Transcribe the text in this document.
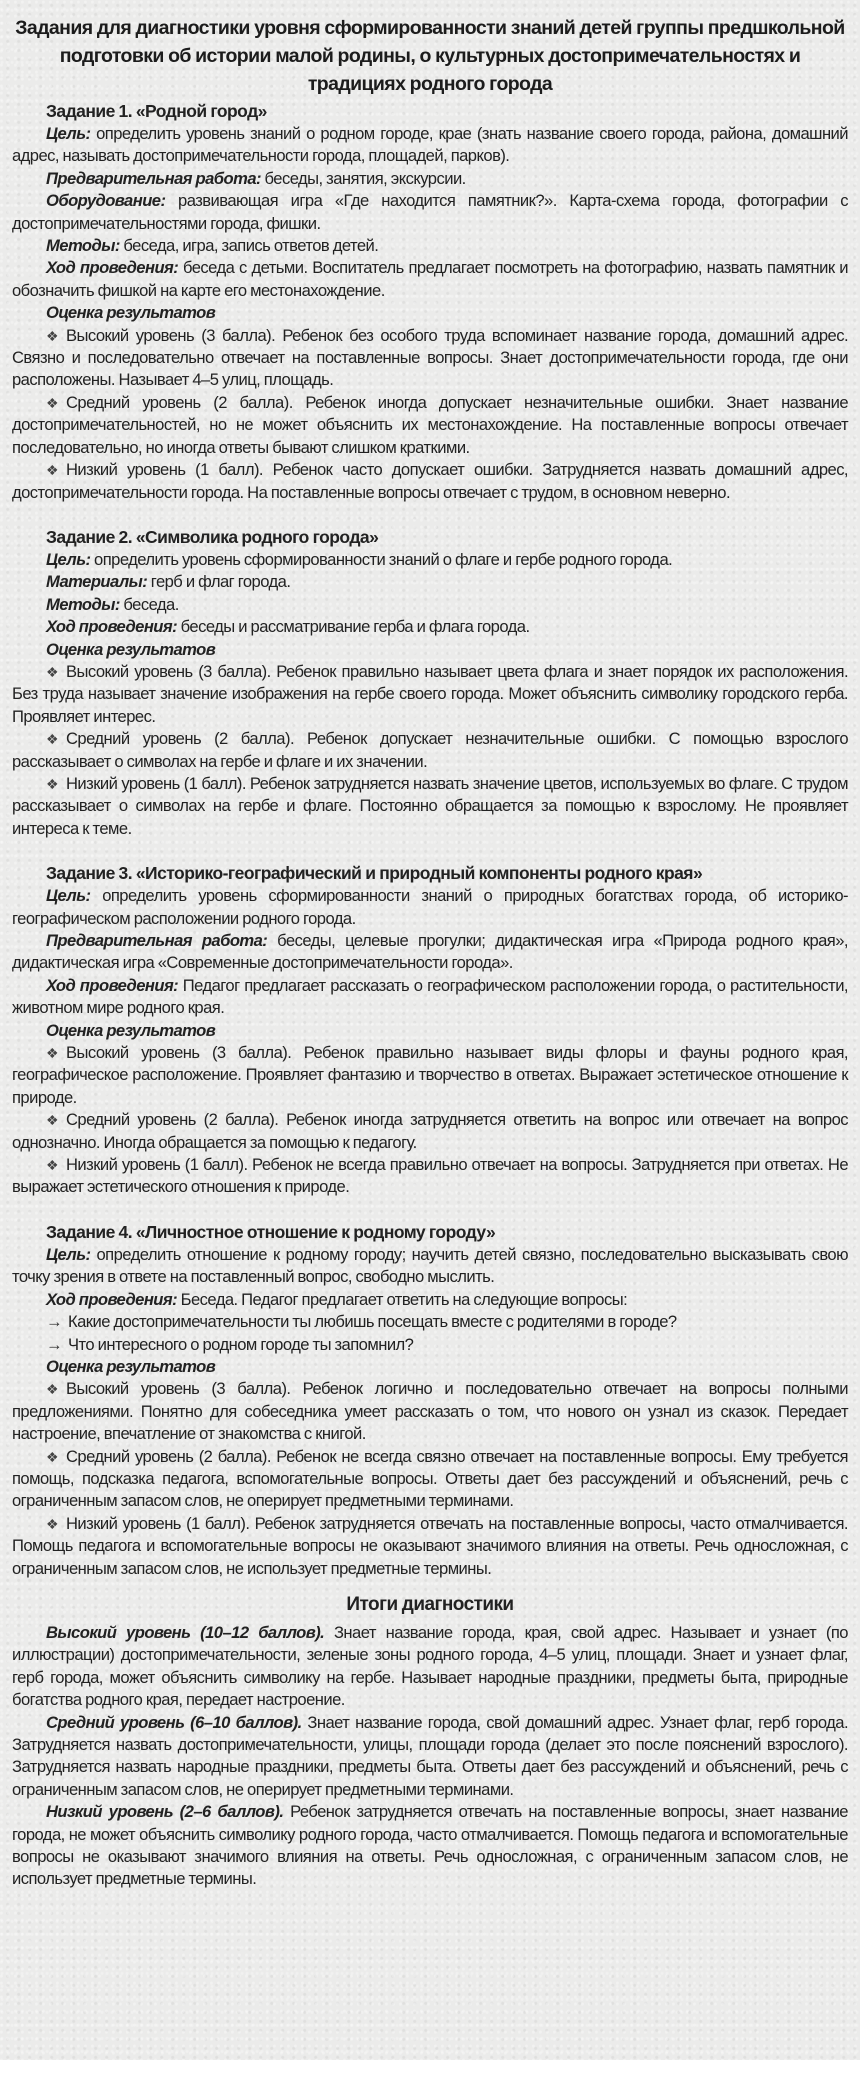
Задания для диагностики уровня сформированности знаний детей группы предшкольной подготовки об истории малой родины, о культурных достопримечательностях и традициях родного города
Задание 1. «Родной город»

Цель: определить уровень знаний о родном городе, крае (знать название своего города, района, домашний адрес, называть достопримечательности города, площадей, парков).

Предварительная работа: беседы, занятия, экскурсии.

Оборудование: развивающая игра «Где находится памятник?». Карта-схема города, фотографии с достопримечательностями города, фишки.

Методы: беседа, игра, запись ответов детей.

Ход проведения: беседа с детьми. Воспитатель предлагает посмотреть на фотографию, назвать памятник и обозначить фишкой на карте его местонахождение.

Оценка результатов

❖ Высокий уровень (3 балла). Ребенок без особого труда вспоминает название города, домашний адрес. Связно и последовательно отвечает на поставленные вопросы. Знает достопримечательности города, где они расположены. Называет 4–5 улиц, площадь.

❖ Средний уровень (2 балла). Ребенок иногда допускает незначительные ошибки. Знает название достопримечательностей, но не может объяснить их местонахождение. На поставленные вопросы отвечает последовательно, но иногда ответы бывают слишком краткими.

❖ Низкий уровень (1 балл). Ребенок часто допускает ошибки. Затрудняется назвать домашний адрес, достопримечательности города. На поставленные вопросы отвечает с трудом, в основном неверно.

Задание 2. «Символика родного города»

Цель: определить уровень сформированности знаний о флаге и гербе родного города.

Материалы: герб и флаг города.

Методы: беседа.

Ход проведения: беседы и рассматривание герба и флага города.

Оценка результатов

❖ Высокий уровень (3 балла). Ребенок правильно называет цвета флага и знает порядок их расположения. Без труда называет значение изображения на гербе своего города. Может объяснить символику городского герба. Проявляет интерес.

❖ Средний уровень (2 балла). Ребенок допускает незначительные ошибки. С помощью взрослого рассказывает о символах на гербе и флаге и их значении.

❖ Низкий уровень (1 балл). Ребенок затрудняется назвать значение цветов, используемых во флаге. С трудом рассказывает о символах на гербе и флаге. Постоянно обращается за помощью к взрослому. Не проявляет интереса к теме.

Задание 3. «Историко-географический и природный компоненты родного края»

Цель: определить уровень сформированности знаний о природных богатствах города, об историко-географическом расположении родного города.

Предварительная работа: беседы, целевые прогулки; дидактическая игра «Природа родного края», дидактическая игра «Современные достопримечательности города».

Ход проведения: Педагог предлагает рассказать о географическом расположении города, о растительности, животном мире родного края.

Оценка результатов

❖ Высокий уровень (3 балла). Ребенок правильно называет виды флоры и фауны родного края, географическое расположение. Проявляет фантазию и творчество в ответах. Выражает эстетическое отношение к природе.

❖ Средний уровень (2 балла). Ребенок иногда затрудняется ответить на вопрос или отвечает на вопрос однозначно. Иногда обращается за помощью к педагогу.

❖ Низкий уровень (1 балл). Ребенок не всегда правильно отвечает на вопросы. Затрудняется при ответах. Не выражает эстетического отношения к природе.

Задание 4. «Личностное отношение к родному городу»

Цель: определить отношение к родному городу; научить детей связно, последовательно высказывать свою точку зрения в ответе на поставленный вопрос, свободно мыслить.

Ход проведения: Беседа. Педагог предлагает ответить на следующие вопросы:

→ Какие достопримечательности ты любишь посещать вместе с родителями в городе?

→ Что интересного о родном городе ты запомнил?

Оценка результатов

❖ Высокий уровень (3 балла). Ребенок логично и последовательно отвечает на вопросы полными предложениями. Понятно для собеседника умеет рассказать о том, что нового он узнал из сказок. Передает настроение, впечатление от знакомства с книгой.

❖ Средний уровень (2 балла). Ребенок не всегда связно отвечает на поставленные вопросы. Ему требуется помощь, подсказка педагога, вспомогательные вопросы. Ответы дает без рассуждений и объяснений, речь с ограниченным запасом слов, не оперирует предметными терминами.

❖ Низкий уровень (1 балл). Ребенок затрудняется отвечать на поставленные вопросы, часто отмалчивается. Помощь педагога и вспомогательные вопросы не оказывают значимого влияния на ответы. Речь односложная, с ограниченным запасом слов, не использует предметные термины.

Итоги диагностики

Высокий уровень (10–12 баллов). Знает название города, края, свой адрес. Называет и узнает (по иллюстрации) достопримечательности, зеленые зоны родного города, 4–5 улиц, площади. Знает и узнает флаг, герб города, может объяснить символику на гербе. Называет народные праздники, предметы быта, природные богатства родного края, передает настроение.

Средний уровень (6–10 баллов). Знает название города, свой домашний адрес. Узнает флаг, герб города. Затрудняется назвать достопримечательности, улицы, площади города (делает это после пояснений взрослого). Затрудняется назвать народные праздники, предметы быта. Ответы дает без рассуждений и объяснений, речь с ограниченным запасом слов, не оперирует предметными терминами.

Низкий уровень (2–6 баллов). Ребенок затрудняется отвечать на поставленные вопросы, знает название города, не может объяснить символику родного города, часто отмалчивается. Помощь педагога и вспомогательные вопросы не оказывают значимого влияния на ответы. Речь односложная, с ограниченным запасом слов, не использует предметные термины.
